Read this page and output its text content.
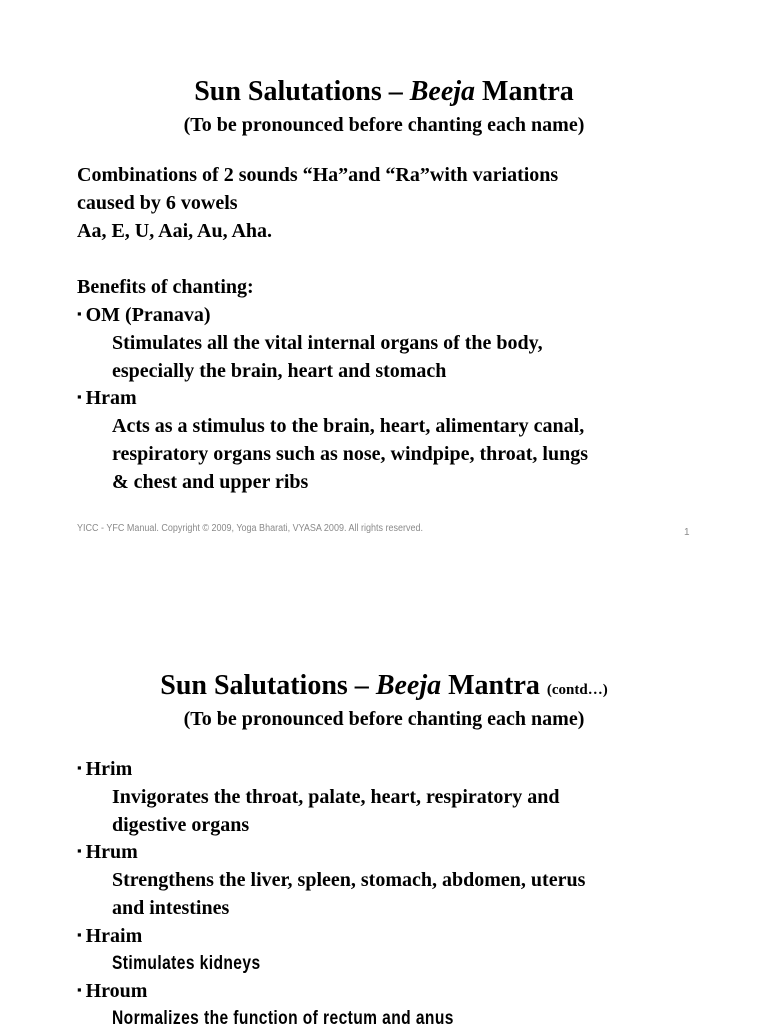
Sun Salutations – Beeja Mantra
(To be pronounced before chanting each name)
Combinations of 2 sounds “Ha”and “Ra”with variations
caused by 6 vowels
Aa, E, U, Aai, Au, Aha.
Benefits of chanting:
▪ OM (Pranava)
Stimulates all the vital internal organs of the body,
especially the brain, heart and stomach
▪ Hram
Acts as a stimulus to the brain, heart, alimentary canal,
respiratory organs such as nose, windpipe, throat, lungs
& chest and upper ribs
YICC - YFC Manual. Copyright © 2009, Yoga Bharati, VYASA 2009. All rights reserved.	1
Sun Salutations – Beeja Mantra (contd…)
(To be pronounced before chanting each name)
▪ Hrim
Invigorates the throat, palate, heart, respiratory and
digestive organs
▪ Hrum
Strengthens the liver, spleen, stomach, abdomen, uterus
and intestines
▪ Hraim
Stimulates kidneys
▪ Hroum
Normalizes the function of rectum and anus
